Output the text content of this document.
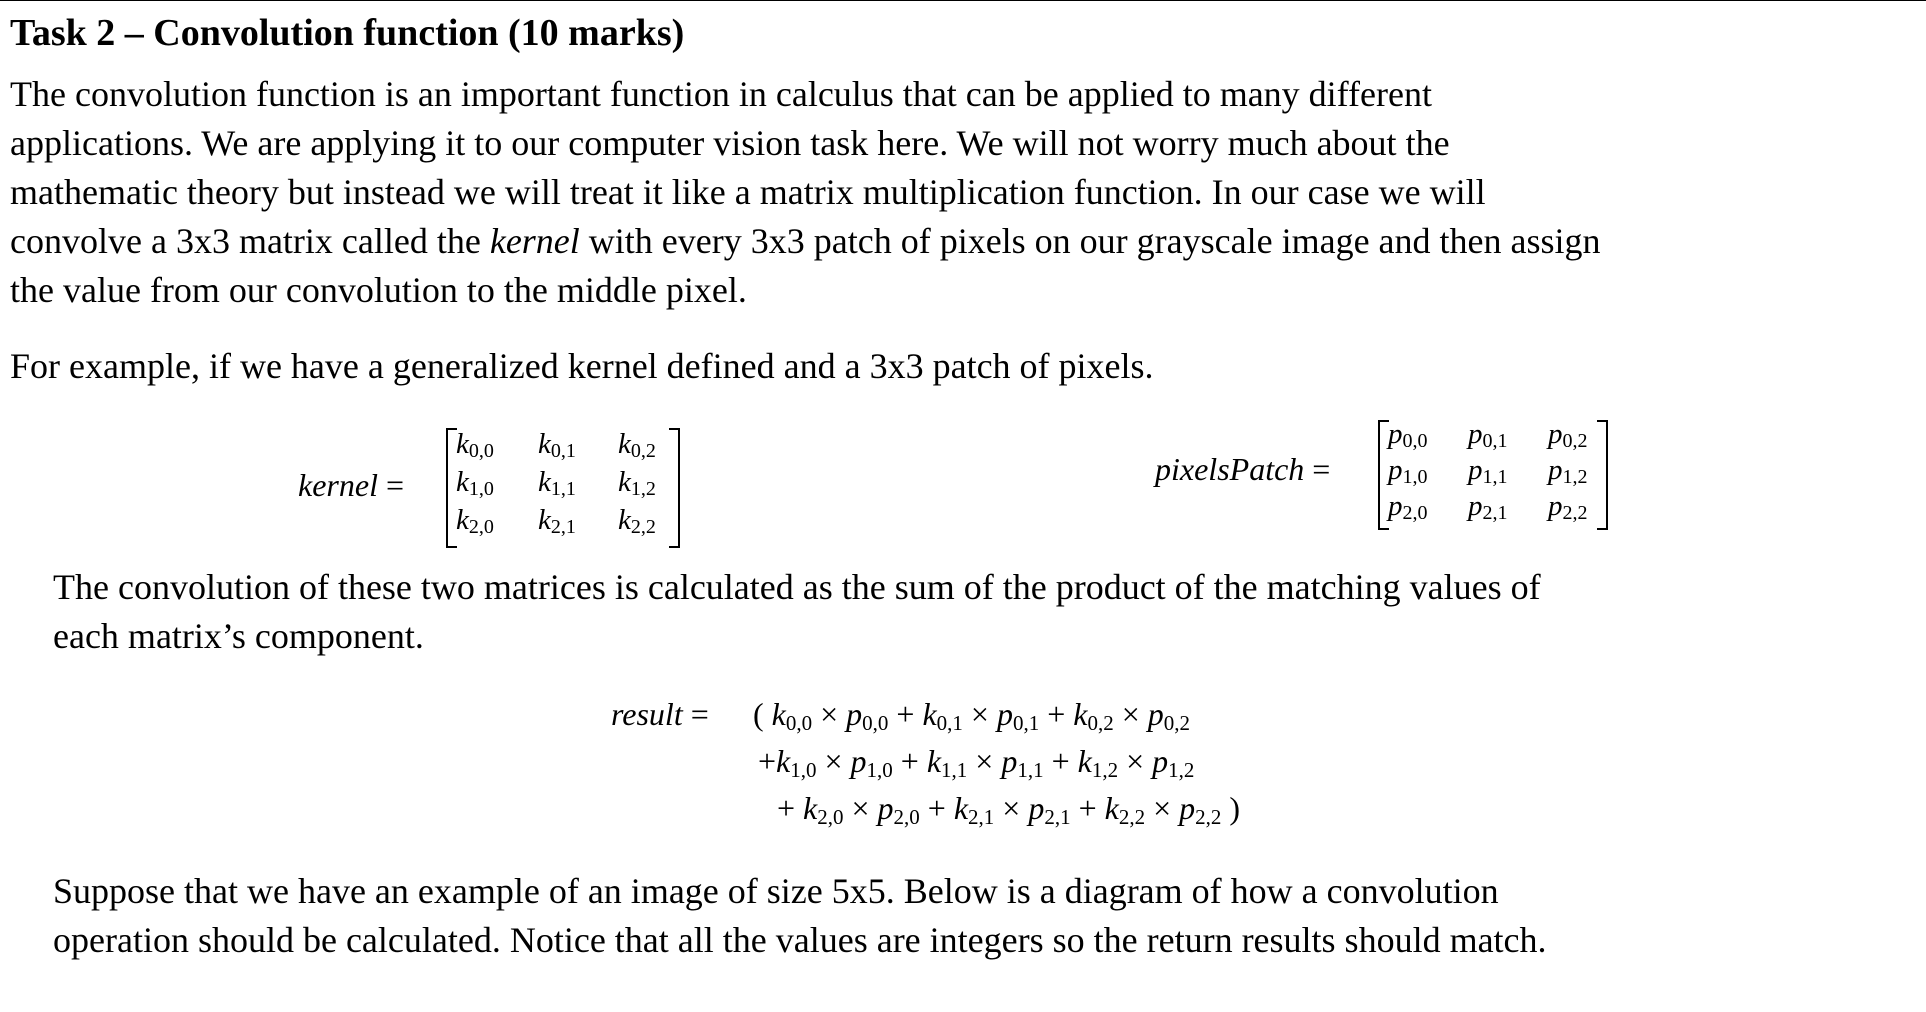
Task 2 – Convolution function (10 marks)
The convolution function is an important function in calculus that can be applied to many different
applications. We are applying it to our computer vision task here. We will not worry much about the
mathematic theory but instead we will treat it like a matrix multiplication function. In our case we will
convolve a 3x3 matrix called the kernel with every 3x3 patch of pixels on our grayscale image and then assign
the value from our convolution to the middle pixel.
For example, if we have a generalized kernel defined and a 3x3 patch of pixels.
kernel =
$k_{0,0}$ $k_{0,1}$ $k_{0,2}$
$k_{1,0}$ $k_{1,1}$ $k_{1,2}$
$k_{2,0}$ $k_{2,1}$ $k_{2,2}$
pixelsPatch =
$p_{0,0}$ $p_{0,1}$ $p_{0,2}$
$p_{1,0}$ $p_{1,1}$ $p_{1,2}$
$p_{2,0}$ $p_{2,1}$ $p_{2,2}$
The convolution of these two matrices is calculated as the sum of the product of the matching values of
each matrix’s component.
result = ( $k_{0,0} \times p_{0,0} + k_{0,1} \times p_{0,1} + k_{0,2} \times p_{0,2}$
$+k_{1,0} \times p_{1,0} + k_{1,1} \times p_{1,1} + k_{1,2} \times p_{1,2}$
+ $k_{2,0} \times p_{2,0} + k_{2,1} \times p_{2,1} + k_{2,2} \times p_{2,2}$ )
Suppose that we have an example of an image of size 5x5. Below is a diagram of how a convolution
operation should be calculated. Notice that all the values are integers so the return results should match.
